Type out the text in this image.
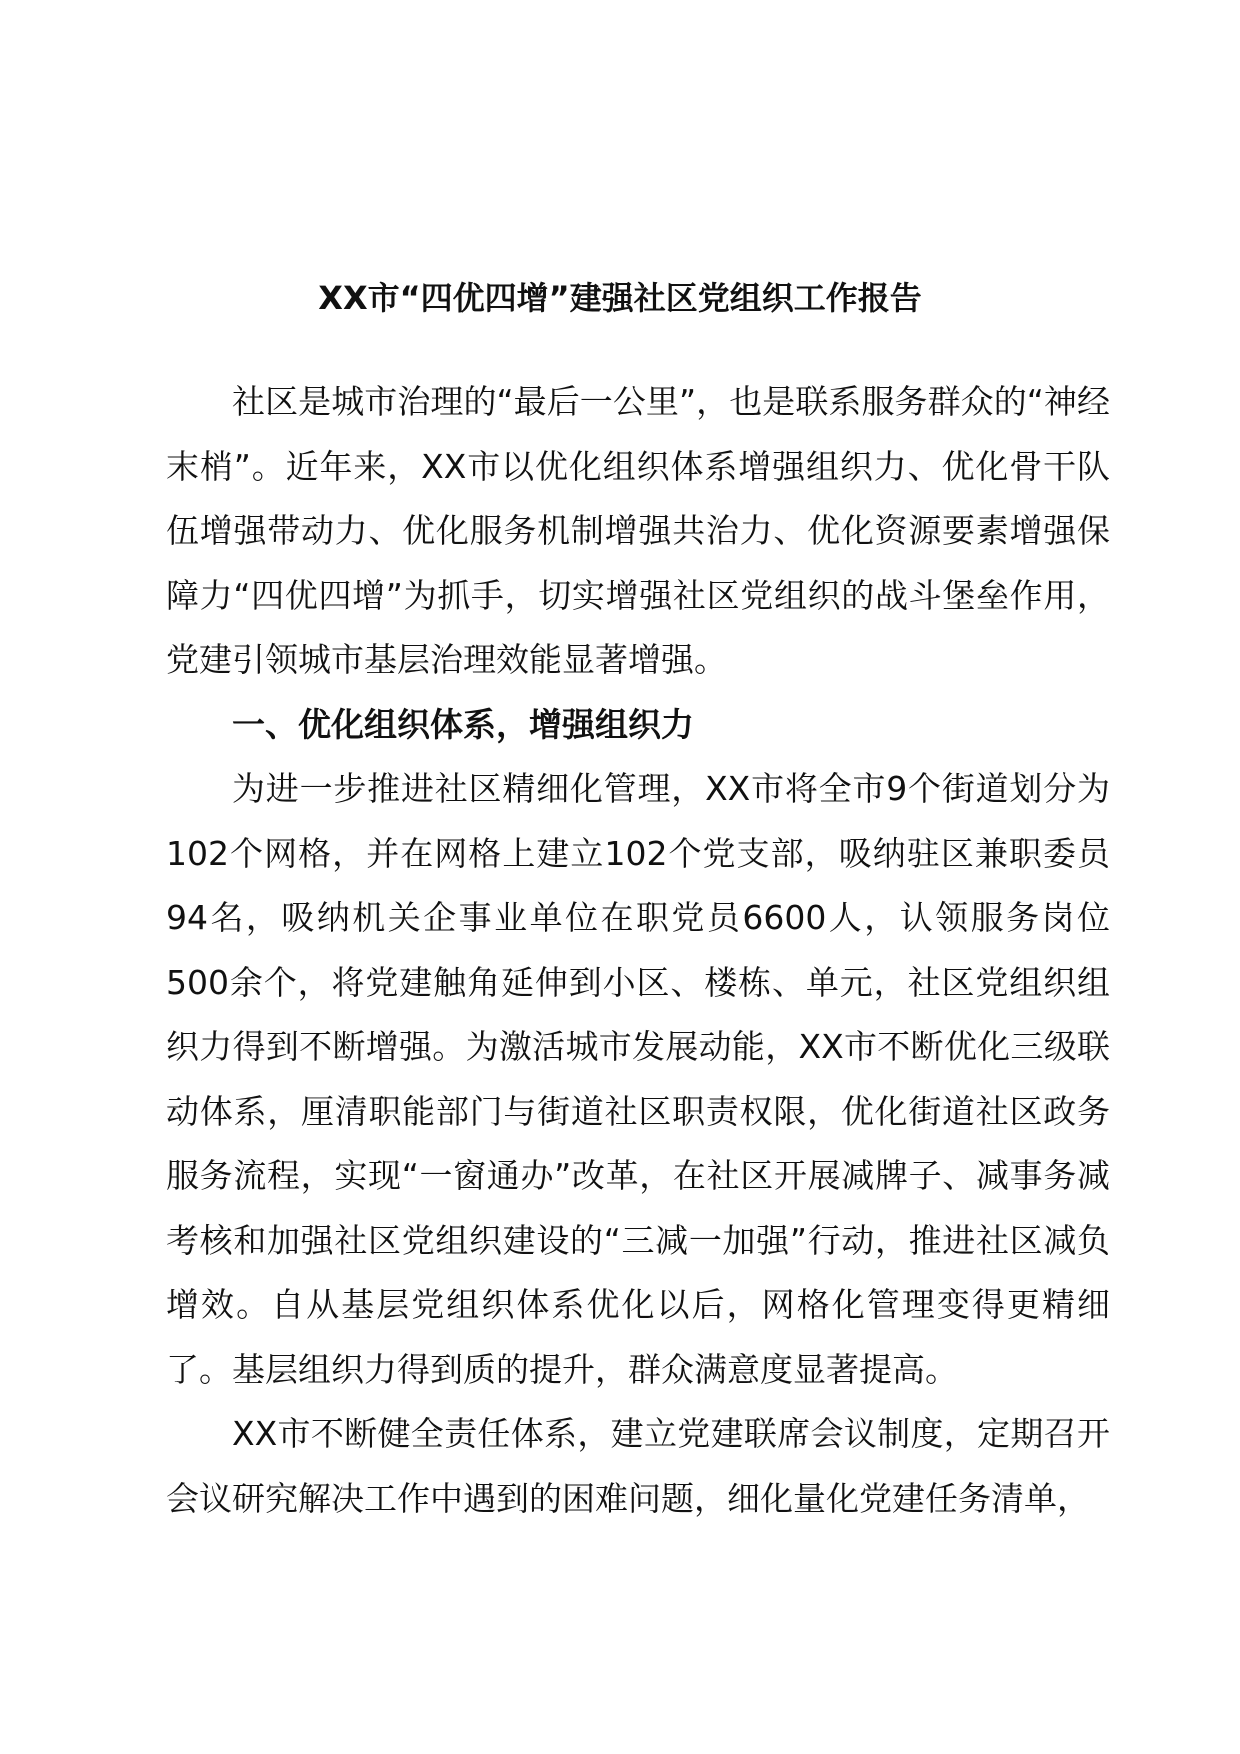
XX市“四优四增”建强社区党组织工作报告

社区是城市治理的“最后一公里”，也是联系服务群众的“神经末梢”。近年来，XX市以优化组织体系增强组织力、优化骨干队伍增强带动力、优化服务机制增强共治力、优化资源要素增强保障力“四优四增”为抓手，切实增强社区党组织的战斗堡垒作用，党建引领城市基层治理效能显著增强。

一、优化组织体系，增强组织力

为进一步推进社区精细化管理，XX市将全市9个街道划分为102个网格，并在网格上建立102个党支部，吸纳驻区兼职委员94名，吸纳机关企事业单位在职党员6600人，认领服务岗位500余个，将党建触角延伸到小区、楼栋、单元，社区党组织组织力得到不断增强。为激活城市发展动能，XX市不断优化三级联动体系，厘清职能部门与街道社区职责权限，优化街道社区政务服务流程，实现“一窗通办”改革，在社区开展减牌子、减事务减考核和加强社区党组织建设的“三减一加强”行动，推进社区减负增效。自从基层党组织体系优化以后，网格化管理变得更精细了。基层组织力得到质的提升，群众满意度显著提高。

XX市不断健全责任体系，建立党建联席会议制度，定期召开会议研究解决工作中遇到的困难问题，细化量化党建任务清单，
